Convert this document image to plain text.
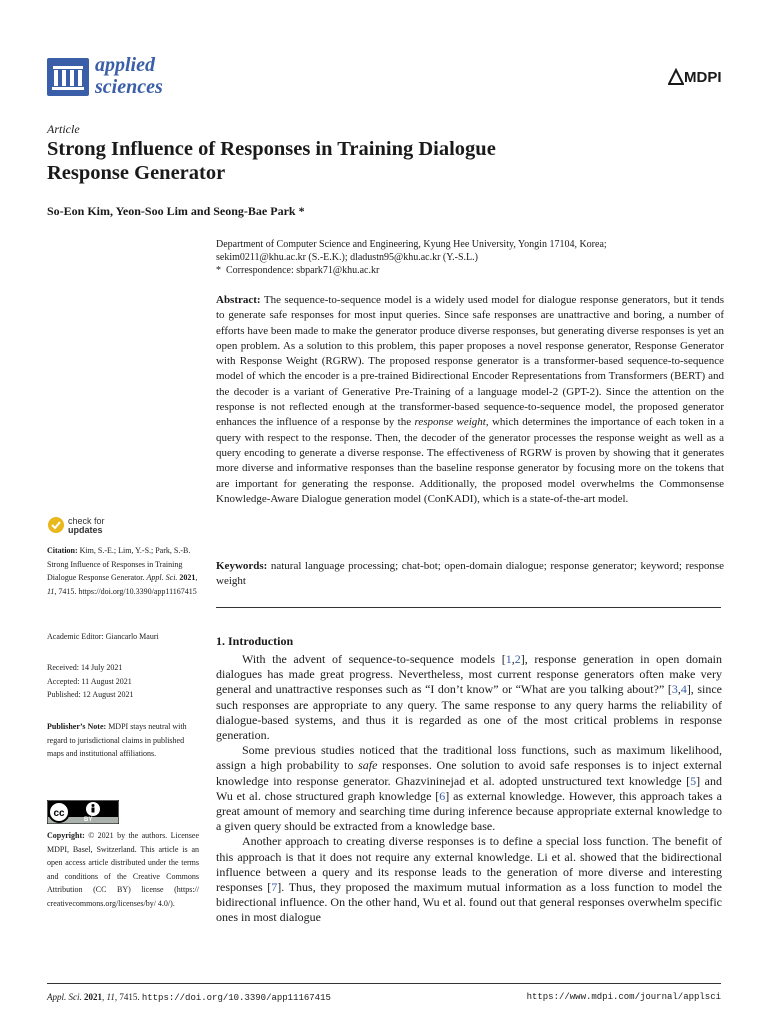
applied
sciences	MDPI
Article
Strong Influence of Responses in Training Dialogue
Response Generator
So-Eon Kim, Yeon-Soo Lim and Seong-Bae Park *
Department of Computer Science and Engineering, Kyung Hee University, Yongin 17104, Korea;
sekim0211@khu.ac.kr (S.-E.K.); dladustn95@khu.ac.kr (Y.-S.L.)
* Correspondence: sbpark71@khu.ac.kr
Abstract: The sequence-to-sequence model is a widely used model for dialogue response generators, but it tends to generate safe responses for most input queries. Since safe responses are unattractive and boring, a number of efforts have been made to make the generator produce diverse responses, but generating diverse responses is yet an open problem. As a solution to this problem, this paper proposes a novel response generator, Response Generator with Response Weight (RGRW). The proposed response generator is a transformer-based sequence-to-sequence model of which the encoder is a pre-trained Bidirectional Encoder Representations from Transformers (BERT) and the decoder is a variant of Generative Pre-Training of a language model-2 (GPT-2). Since the attention on the response is not reflected enough at the transformer-based sequence-to-sequence model, the proposed generator enhances the influence of a response by the response weight, which determines the importance of each token in a query with respect to the response. Then, the decoder of the generator processes the response weight as well as a query encoding to generate a diverse response. The effectiveness of RGRW is proven by showing that it generates more diverse and informative responses than the baseline response generator by focusing more on the tokens that are important for generating the response. Additionally, the proposed model overwhelms the Commonsense Knowledge-Aware Dialogue generation model (ConKADI), which is a state-of-the-art model.
Keywords: natural language processing; chat-bot; open-domain dialogue; response generator; keyword; response weight
1. Introduction

With the advent of sequence-to-sequence models [1,2], response generation in open domain dialogues has made great progress. Nevertheless, most current response generators often make very general and unattractive responses such as “I don’t know” or “What are you talking about?” [3,4], since such responses are appropriate to any query. The same response to any query harms the reliability of dialogue-based systems, and thus it is regarded as one of the most critical problems in response generation.

Some previous studies noticed that the traditional loss functions, such as maximum likelihood, assign a high probability to safe responses. One solution to avoid safe responses is to inject external knowledge into response generator. Ghazvininejad et al. adopted unstructured text knowledge [5] and Wu et al. chose structured graph knowledge [6] as external knowledge. However, this approach takes a great amount of memory and searching time during inference because appropriate external knowledge to a given query should be extracted from a knowledge base.

Another approach to creating diverse responses is to define a special loss function. The benefit of this approach is that it does not require any external knowledge. Li et al. showed that the bidirectional influence between a query and its response leads to the generation of more diverse and interesting responses [7]. Thus, they proposed the maximum mutual information as a loss function to model the bidirectional influence. On the other hand, Wu et al. found out that general responses overwhelm specific ones in most dialogue

check for
updates
Citation: Kim, S.-E.; Lim, Y.-S.; Park, S.-B. Strong Influence of Responses in Training Dialogue Response Generator. Appl. Sci. 2021, 11, 7415. https://doi.org/10.3390/app11167415
Academic Editor: Giancarlo Mauri
Received: 14 July 2021
Accepted: 11 August 2021
Published: 12 August 2021
Publisher’s Note: MDPI stays neutral with regard to jurisdictional claims in published maps and institutional affiliations.
cc
BY
Copyright: © 2021 by the authors. Licensee MDPI, Basel, Switzerland. This article is an open access article distributed under the terms and conditions of the Creative Commons Attribution (CC BY) license (https:// creativecommons.org/licenses/by/ 4.0/).
Appl. Sci. 2021, 11, 7415. https://doi.org/10.3390/app11167415	https://www.mdpi.com/journal/applsci
